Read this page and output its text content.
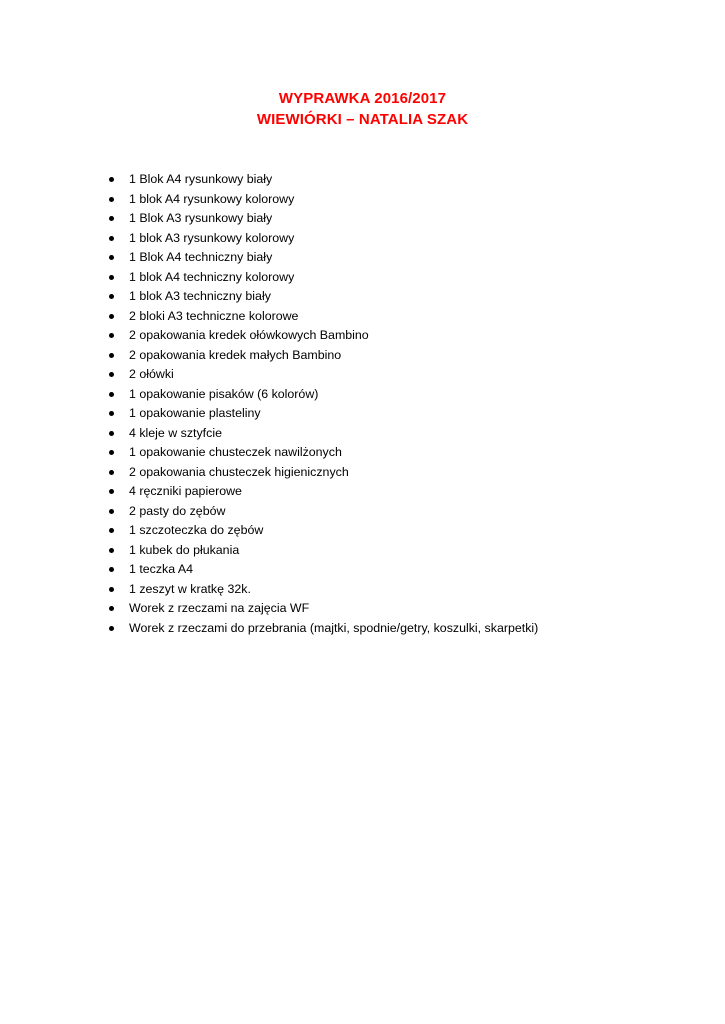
WYPRAWKA 2016/2017
WIEWIÓRKI – NATALIA SZAK
1 Blok A4 rysunkowy biały
1 blok A4 rysunkowy kolorowy
1 Blok A3 rysunkowy biały
1 blok A3 rysunkowy kolorowy
1 Blok A4 techniczny biały
1 blok A4 techniczny kolorowy
1 blok A3 techniczny biały
2 bloki A3 techniczne kolorowe
2 opakowania kredek ołówkowych Bambino
2 opakowania kredek małych Bambino
2 ołówki
1 opakowanie pisaków (6 kolorów)
1 opakowanie plasteliny
4 kleje w sztyfcie
1 opakowanie chusteczek nawilżonych
2 opakowania chusteczek higienicznych
4 ręczniki papierowe
2 pasty do zębów
1 szczoteczka do zębów
1 kubek do płukania
1 teczka A4
1 zeszyt w kratkę 32k.
Worek z rzeczami na zajęcia WF
Worek z rzeczami do przebrania (majtki, spodnie/getry, koszulki, skarpetki)
